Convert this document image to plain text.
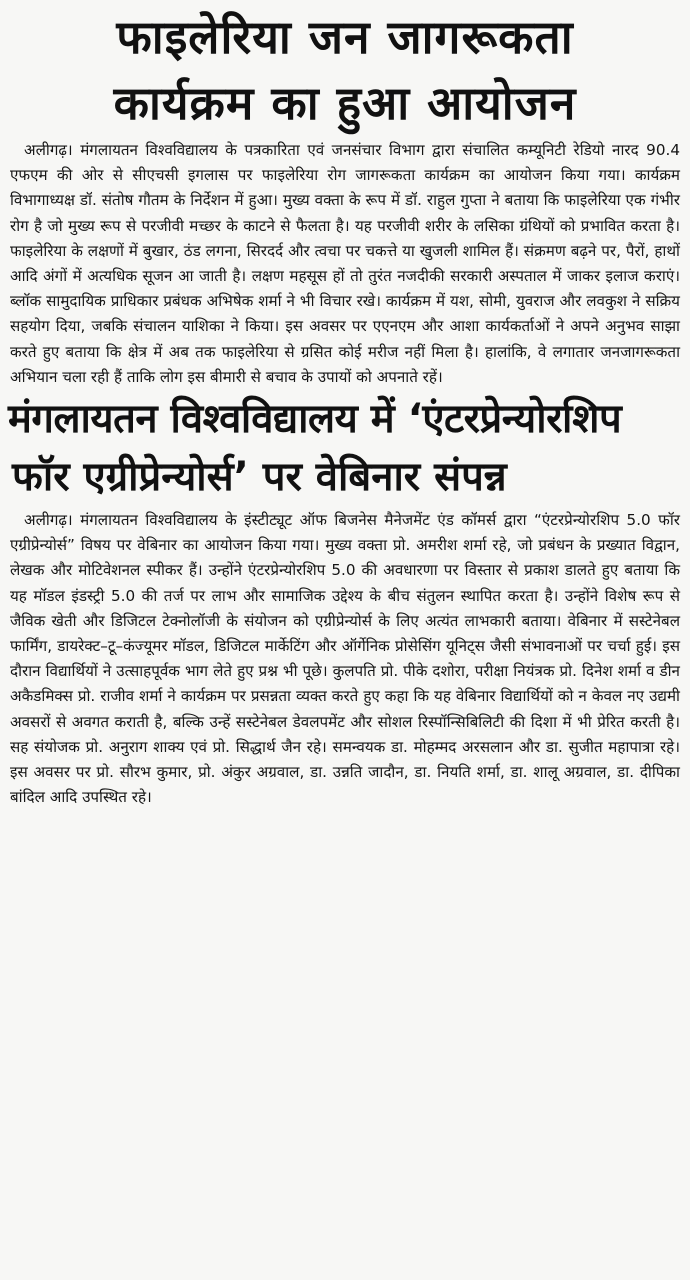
फाइलेरिया जन जागरूकता
कार्यक्रम का हुआ आयोजन

अलीगढ़। मंगलायतन विश्वविद्यालय के पत्रकारिता एवं जनसंचार विभाग द्वारा संचालित कम्यूनिटी रेडियो नारद 90.4 एफएम की ओर से सीएचसी इगलास पर फाइलेरिया रोग जागरूकता कार्यक्रम का आयोजन किया गया। कार्यक्रम विभागाध्यक्ष डॉ. संतोष गौतम के निर्देशन में हुआ। मुख्य वक्ता के रूप में डॉ. राहुल गुप्ता ने बताया कि फाइलेरिया एक गंभीर रोग है जो मुख्य रूप से परजीवी मच्छर के काटने से फैलता है। यह परजीवी शरीर के लसिका ग्रंथियों को प्रभावित करता है। फाइलेरिया के लक्षणों में बुखार, ठंड लगना, सिरदर्द और त्वचा पर चकत्ते या खुजली शामिल हैं। संक्रमण बढ़ने पर, पैरों, हाथों आदि अंगों में अत्यधिक सूजन आ जाती है। लक्षण महसूस हों तो तुरंत नजदीकी सरकारी अस्पताल में जाकर इलाज कराएं। ब्लॉक सामुदायिक प्राधिकार प्रबंधक अभिषेक शर्मा ने भी विचार रखे। कार्यक्रम में यश, सोमी, युवराज और लवकुश ने सक्रिय सहयोग दिया, जबकि संचालन याशिका ने किया। इस अवसर पर एएनएम और आशा कार्यकर्ताओं ने अपने अनुभव साझा करते हुए बताया कि क्षेत्र में अब तक फाइलेरिया से ग्रसित कोई मरीज नहीं मिला है। हालांकि, वे लगातार जनजागरूकता अभियान चला रही हैं ताकि लोग इस बीमारी से बचाव के उपायों को अपनाते रहें।

मंगलायतन विश्वविद्यालय में ‘एंटरप्रेन्योरशिप
फॉर एग्रीप्रेन्योर्स’ पर वेबिनार संपन्न

अलीगढ़। मंगलायतन विश्वविद्यालय के इंस्टीट्यूट ऑफ बिजनेस मैनेजमेंट एंड कॉमर्स द्वारा “एंटरप्रेन्योरशिप 5.0 फॉर एग्रीप्रेन्योर्स” विषय पर वेबिनार का आयोजन किया गया। मुख्य वक्ता प्रो. अमरीश शर्मा रहे, जो प्रबंधन के प्रख्यात विद्वान, लेखक और मोटिवेशनल स्पीकर हैं। उन्होंने एंटरप्रेन्योरशिप 5.0 की अवधारणा पर विस्तार से प्रकाश डालते हुए बताया कि यह मॉडल इंडस्ट्री 5.0 की तर्ज पर लाभ और सामाजिक उद्देश्य के बीच संतुलन स्थापित करता है। उन्होंने विशेष रूप से जैविक खेती और डिजिटल टेक्नोलॉजी के संयोजन को एग्रीप्रेन्योर्स के लिए अत्यंत लाभकारी बताया। वेबिनार में सस्टेनेबल फार्मिंग, डायरेक्ट–टू–कंज्यूमर मॉडल, डिजिटल मार्केटिंग और ऑर्गेनिक प्रोसेसिंग यूनिट्स जैसी संभावनाओं पर चर्चा हुई। इस दौरान विद्यार्थियों ने उत्साहपूर्वक भाग लेते हुए प्रश्न भी पूछे। कुलपति प्रो. पीके दशोरा, परीक्षा नियंत्रक प्रो. दिनेश शर्मा व डीन अकैडमिक्स प्रो. राजीव शर्मा ने कार्यक्रम पर प्रसन्नता व्यक्त करते हुए कहा कि यह वेबिनार विद्यार्थियों को न केवल नए उद्यमी अवसरों से अवगत कराती है, बल्कि उन्हें सस्टेनेबल डेवलपमेंट और सोशल रिस्पॉन्सिबिलिटी की दिशा में भी प्रेरित करती है। सह संयोजक प्रो. अनुराग शाक्य एवं प्रो. सिद्धार्थ जैन रहे। समन्वयक डा. मोहम्मद अरसलान और डा. सुजीत महापात्रा रहे। इस अवसर पर प्रो. सौरभ कुमार, प्रो. अंकुर अग्रवाल, डा. उन्नति जादौन, डा. नियति शर्मा, डा. शालू अग्रवाल, डा. दीपिका बांदिल आदि उपस्थित रहे।
